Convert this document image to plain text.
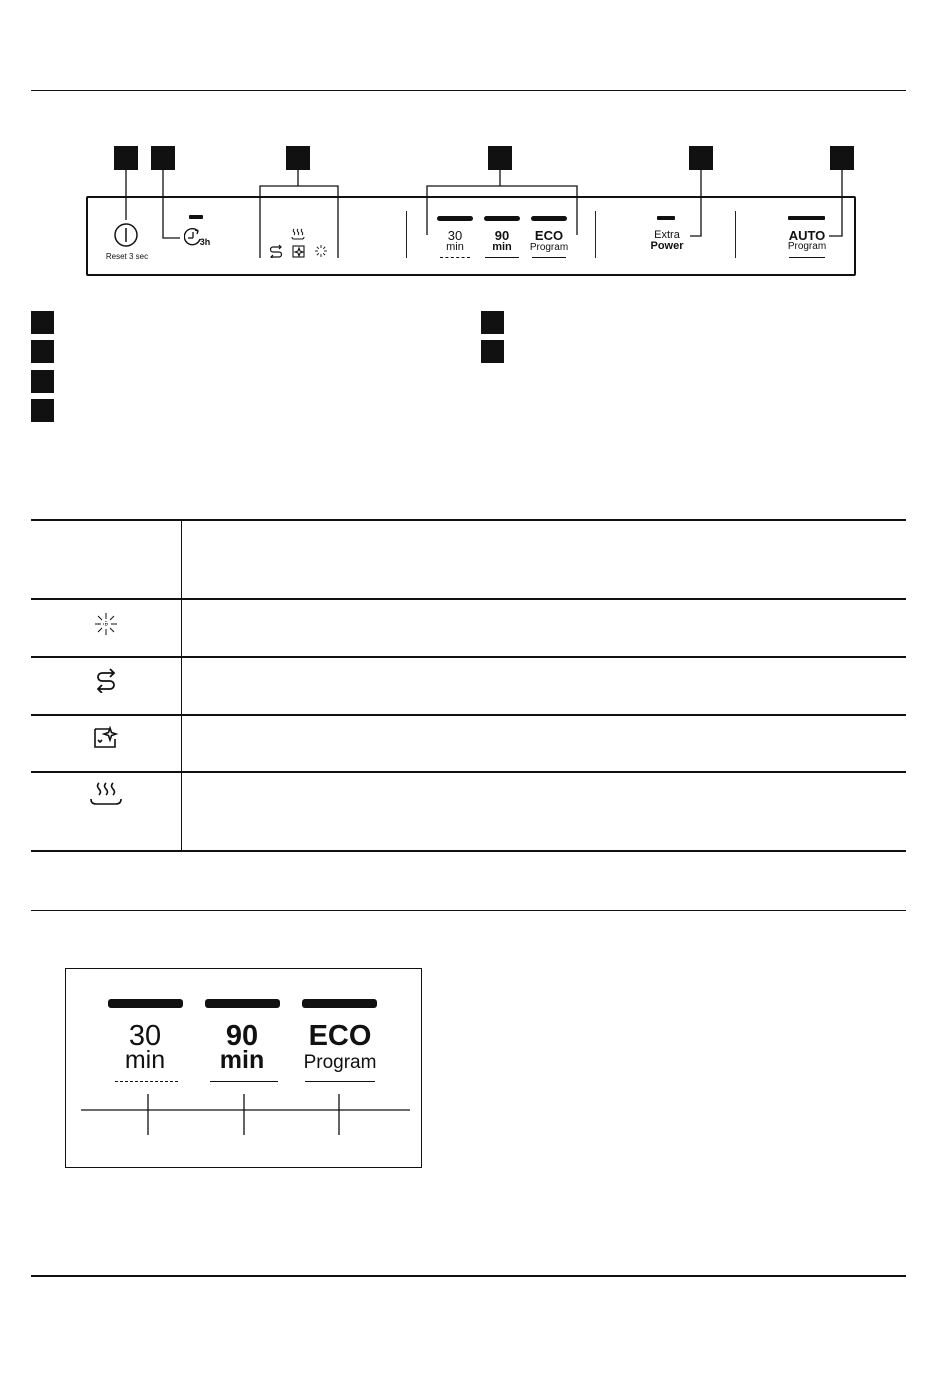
Reset 3 sec
3h	30
min
90
min
ECO
Program
Extra
Power
AUTO
Program

30
min
90
min
ECO
Program
